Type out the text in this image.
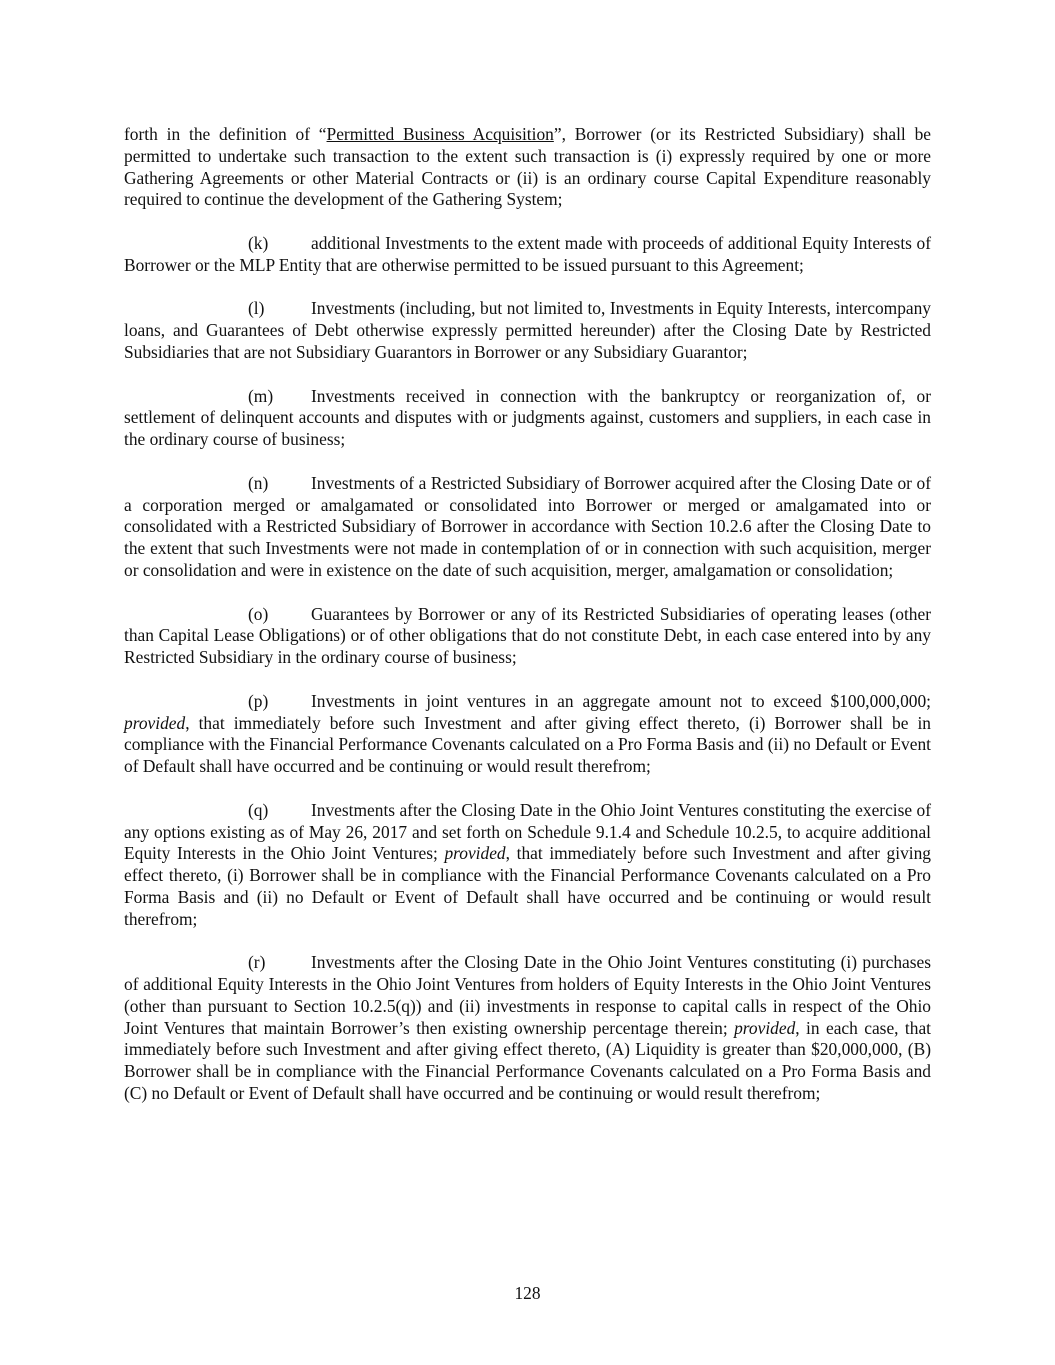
forth in the definition of “Permitted Business Acquisition”, Borrower (or its Restricted Subsidiary) shall be permitted to undertake such transaction to the extent such transaction is (i) expressly required by one or more Gathering Agreements or other Material Contracts or (ii) is an ordinary course Capital Expenditure reasonably required to continue the development of the Gathering System;

(k) additional Investments to the extent made with proceeds of additional Equity Interests of Borrower or the MLP Entity that are otherwise permitted to be issued pursuant to this Agreement;

(l)	Investments (including, but not limited to, Investments in Equity Interests, intercompany loans, and Guarantees of Debt otherwise expressly permitted hereunder) after the Closing Date by Restricted Subsidiaries that are not Subsidiary Guarantors in Borrower or any Subsidiary Guarantor;

(m) Investments received in connection with the bankruptcy or reorganization of, or settlement of delinquent accounts and disputes with or judgments against, customers and suppliers, in each case in the ordinary course of business;

(n) Investments of a Restricted Subsidiary of Borrower acquired after the Closing Date or of a corporation merged or amalgamated or consolidated into Borrower or merged or amalgamated into or consolidated with a Restricted Subsidiary of Borrower in accordance with Section 10.2.6 after the Closing Date to the extent that such Investments were not made in contemplation of or in connection with such acquisition, merger or consolidation and were in existence on the date of such acquisition, merger, amalgamation or consolidation;

(o) Guarantees by Borrower or any of its Restricted Subsidiaries of operating leases (other than Capital Lease Obligations) or of other obligations that do not constitute Debt, in each case entered into by any Restricted Subsidiary in the ordinary course of business;

(p) Investments in joint ventures in an aggregate amount not to exceed $100,000,000; provided, that immediately before such Investment and after giving effect thereto, (i) Borrower shall be in compliance with the Financial Performance Covenants calculated on a Pro Forma Basis and (ii) no Default or Event of Default shall have occurred and be continuing or would result therefrom;

(q) Investments after the Closing Date in the Ohio Joint Ventures constituting the exercise of any options existing as of May 26, 2017 and set forth on Schedule 9.1.4 and Schedule 10.2.5, to acquire additional Equity Interests in the Ohio Joint Ventures; provided, that immediately before such Investment and after giving effect thereto, (i) Borrower shall be in compliance with the Financial Performance Covenants calculated on a Pro Forma Basis and (ii) no Default or Event of Default shall have occurred and be continuing or would result therefrom;

(r)	Investments after the Closing Date in the Ohio Joint Ventures constituting (i) purchases of additional Equity Interests in the Ohio Joint Ventures from holders of Equity Interests in the Ohio Joint Ventures (other than pursuant to Section 10.2.5(q)) and (ii) investments in response to capital calls in respect of the Ohio Joint Ventures that maintain Borrower’s then existing ownership percentage therein; provided, in each case, that immediately before such Investment and after giving effect thereto, (A) Liquidity is greater than $20,000,000, (B) Borrower shall be in compliance with the Financial Performance Covenants calculated on a Pro Forma Basis and (C) no Default or Event of Default shall have occurred and be continuing or would result therefrom;

128
